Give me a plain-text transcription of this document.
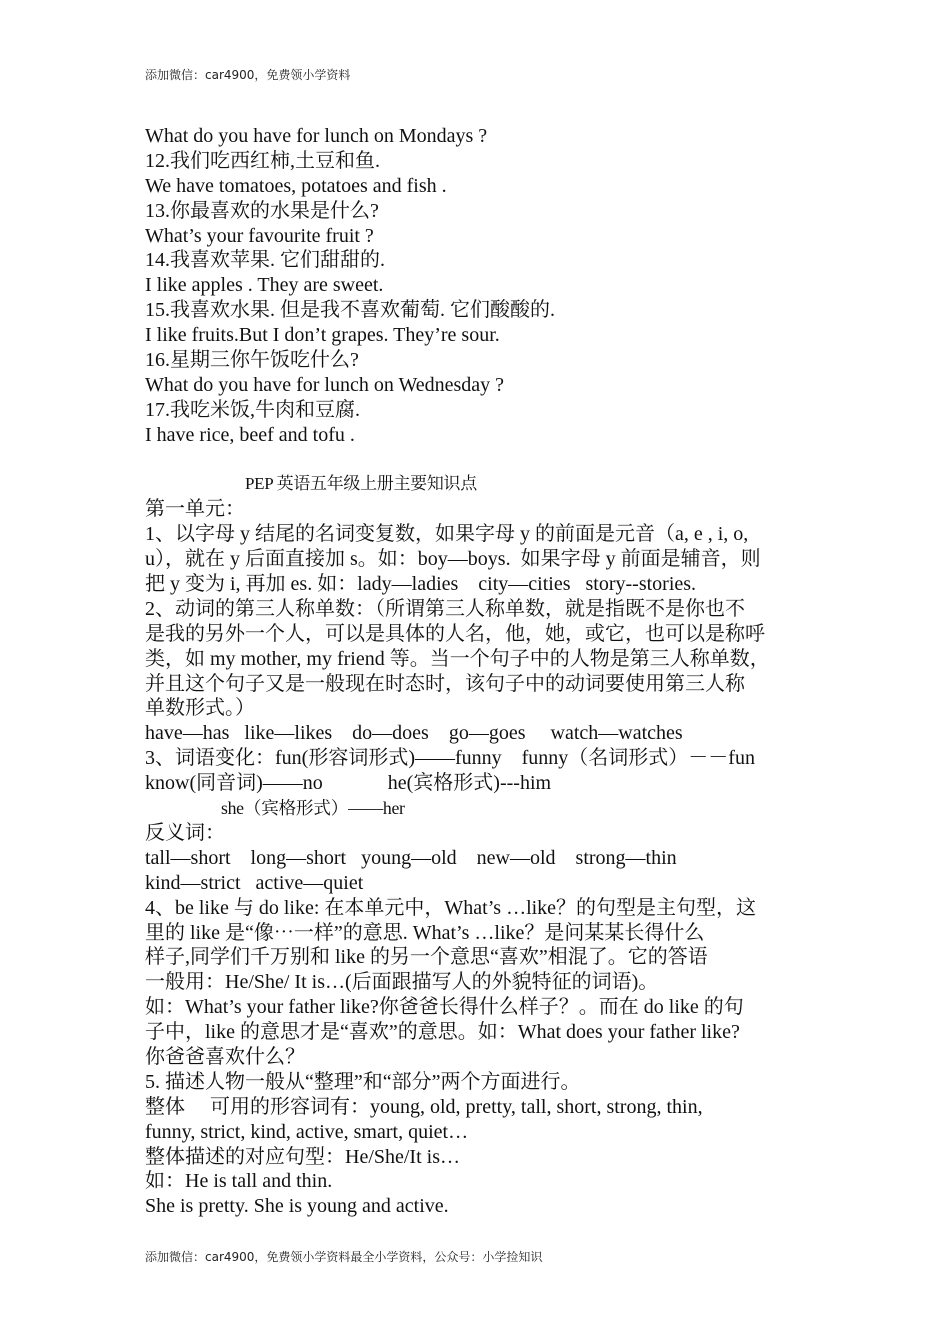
添加微信：car4900，免费领小学资料
What do you have for lunch on Mondays ?
12.我们吃西红柿,土豆和鱼.
We have tomatoes, potatoes and fish .
13.你最喜欢的水果是什么?
What’s your favourite fruit ?
14.我喜欢苹果. 它们甜甜的.
I like apples . They are sweet.
15.我喜欢水果. 但是我不喜欢葡萄. 它们酸酸的.
I like fruits.But I don’t grapes. They’re sour.
16.星期三你午饭吃什么?
What do you have for lunch on Wednesday ?
17.我吃米饭,牛肉和豆腐.
I have rice, beef and tofu .
PEP 英语五年级上册主要知识点
第一单元：
1、以字母 y 结尾的名词变复数，如果字母 y 的前面是元音（a, e , i, o,
u），就在 y 后面直接加 s。如：boy—boys.  如果字母 y 前面是辅音，则
把 y 变为 i, 再加 es. 如：lady—ladies    city—cities   story--stories.
2、动词的第三人称单数：（所谓第三人称单数，就是指既不是你也不
是我的另外一个人，可以是具体的人名，他，她，或它，也可以是称呼
类，如 my mother, my friend 等。当一个句子中的人物是第三人称单数，
并且这个句子又是一般现在时态时，该句子中的动词要使用第三人称
单数形式。）
have—has   like—likes    do—does    go—goes     watch—watches
3、词语变化：fun(形容词形式)——funny    funny（名词形式）－－fun
know(同音词)——no             he(宾格形式)---him
she（宾格形式）——her
反义词：
tall—short    long—short   young—old    new—old    strong—thin
kind—strict   active—quiet
4、be like 与 do like: 在本单元中，What’s …like？的句型是主句型，这
里的 like 是“像⋯一样”的意思. What’s …like？是问某某长得什么
样子,同学们千万别和 like 的另一个意思“喜欢”相混了。它的答语
一般用：He/She/ It is…(后面跟描写人的外貌特征的词语)。
如：What’s your father like?你爸爸长得什么样子？。而在 do like 的句
子中，like 的意思才是“喜欢”的意思。如：What does your father like?
你爸爸喜欢什么？
5. 描述人物一般从“整理”和“部分”两个方面进行。
整体     可用的形容词有：young, old, pretty, tall, short, strong, thin,
funny, strict, kind, active, smart, quiet…
整体描述的对应句型：He/She/It is…
如：He is tall and thin.
She is pretty. She is young and active.
添加微信：car4900，免费领小学资料最全小学资料，公众号：小学捡知识
